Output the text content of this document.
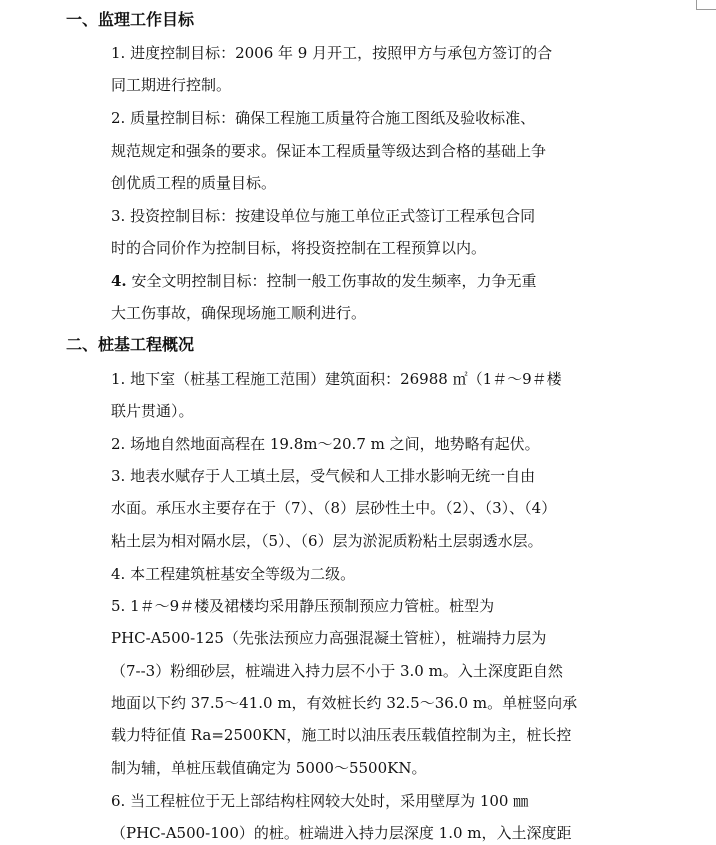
一、监理工作目标
1. 进度控制目标：2006 年 9 月开工，按照甲方与承包方签订的合
同工期进行控制。
2. 质量控制目标：确保工程施工质量符合施工图纸及验收标准、
规范规定和强条的要求。保证本工程质量等级达到合格的基础上争
创优质工程的质量目标。
3. 投资控制目标：按建设单位与施工单位正式签订工程承包合同
时的合同价作为控制目标，将投资控制在工程预算以内。
4. 安全文明控制目标：控制一般工伤事故的发生频率，力争无重
大工伤事故，确保现场施工顺利进行。
二、桩基工程概况
1. 地下室（桩基工程施工范围）建筑面积：26988 ㎡（1＃～9＃楼
联片贯通）。
2. 场地自然地面高程在 19.8m～20.7 m 之间，地势略有起伏。
3. 地表水赋存于人工填土层，受气候和人工排水影响无统一自由
水面。承压水主要存在于（7）、（8）层砂性土中。（2）、（3）、（4）
粘土层为相对隔水层，（5）、（6）层为淤泥质粉粘土层弱透水层。
4. 本工程建筑桩基安全等级为二级。
5. 1＃～9＃楼及裙楼均采用静压预制预应力管桩。桩型为
PHC-A500-125（先张法预应力高强混凝土管桩），桩端持力层为
（7--3）粉细砂层，桩端进入持力层不小于 3.0 m。入土深度距自然
地面以下约 37.5～41.0 m，有效桩长约 32.5～36.0 m。单桩竖向承
载力特征值 Ra=2500KN，施工时以油压表压载值控制为主，桩长控
制为辅，单桩压载值确定为 5000～5500KN。
6. 当工程桩位于无上部结构柱网较大处时，采用壁厚为 100 ㎜
（PHC-A500-100）的桩。桩端进入持力层深度 1.0 m，入土深度距
